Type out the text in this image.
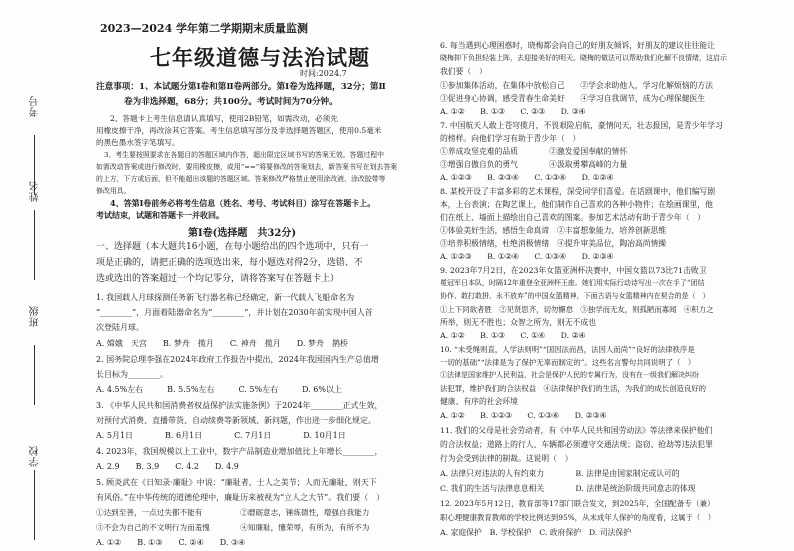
考号
姓名
班级
学校
2023—2024 学年第二学期期末质量监测
七年级道德与法治试题
时间:2024.7
注意事项：1、本试题分第Ⅰ卷和第Ⅱ卷两部分。第Ⅰ卷为选择题，32分；第Ⅱ
卷为非选择题，68分；共100分。考试时间为70分钟。
2、答题卡上考生信息请认真填写，使用2B铅笔，如需改动，必须先
用橡皮擦干净，再改涂其它答案。考生信息填写部分及非选择题答题区，使用0.5毫米
的黑色墨水签字笔填写。
3、考生要按照要求在各题目的答题区域内作答，超出限定区域书写的答案无效。答题过程中
如需改动答案或进行修改时，要用橡皮擦，或用“==”将要修改的答案划去，新答案书写在划去答案
的上方，下方或后面，但不能超出该题的答题区域。答案修改严格禁止使用涂改液、涂改胶带等
修改用具。
4、答第Ⅰ卷前务必将考生信息（姓名、考号、考试科目）涂写在答题卡上。
考试结束，试题和答题卡一并收回。
第Ⅰ卷(选择题　共32分)
一、选择题（本大题共16小题，在每小题给出的四个选项中，只有一
项是正确的，请把正确的选项选出来，每小题选对得2分，选错、不
选或选出的答案超过一个均记零分，请将答案写在答题卡上）
1. 我国载人月球探测任务新飞行器名称已经确定，新一代载人飞船命名为
“________”，月面着陆器命名为“________”，并计划在2030年前实现中国人首
次登陆月球。
A. 嫦娥　天宫　　B. 梦舟　揽月　　C. 神舟　揽月　　D. 梦舟　鹊桥
2. 国务院总理李强在2024年政府工作报告中提出，2024年我国国内生产总值增
长目标为________。
A. 4.5%左右　　　B. 5.5%左右　　　C. 5%左右　　　D. 6%以上
3. 《中华人民共和国消费者权益保护法实施条例》于2024年________正式生效，
对预付式消费、直播带货、自动续费等新领域、新问题，作出进一步细化规定。
A. 5月1日　　　　B. 6月1日　　　　C. 7月1日　　　　D. 10月1日
4. 2023年，我国规模以上工业中，数字产品制造业增加值比上年增长________，
A. 2.9　　B. 3.9　　C. 4.2　　D. 4.9
5. 顾炎武在《日知录·廉耻》中说：“廉耻者，士人之美节；人而无廉耻，则天下
有风俗。”在中华传统的道德伦理中，廉耻历来被视为“立人之大节”。我们要（　）
①达到至善，一点过失都不能有　　　　　②磨砺意志，锤炼德性，增强自我能力
③不会为自己的不文明行为而羞愧　　　　④知廉耻，懂荣辱，有所为，有所不为
A. ①②　　B. ①③　　C. ②④　　D. ③④
6. 每当遇到心理困惑时，晓梅都会向自己的好朋友倾诉，好朋友的建议往往能让
晓梅抑下负担轻装上阵，去迎接美好的明天。晓梅的做法可以帮助我们化解不良情绪，这启示
我们要（　）
①参加集体活动，在集体中放松自己　　②学会求助他人，学习化解烦恼的方法
③促进身心协调，感受青春生命美好　　④学习自我调节，成为心理保健医生
A. ①②　　B. ①③　　C. ②③　　D. ③④
7. 中国航天人敢上苍穹揽月，不畏艰险启航，豪情问天，壮志报国，是青少年学习
的榜样。向他们学习有助于青少年（　）
①养成攻坚克难的品质　　　　②激发爱国奉献的情怀
③增强自傲自负的勇气　　　　④汲取勇攀高峰的力量
A. ①②③　　B. ②③④　　C. ①③④　　D. ①②④
8. 某校开设了丰富多彩的艺术课程，深受同学们喜爱。在话剧课中，他们编写剧
本，上台表演；在陶艺课上，他们制作自己喜欢的各种小物件；在绘画课里，他
们在纸上、墙面上描绘出自己喜欢的图案。参加艺术活动有助于青少年（　）
①体验美好生活，感悟生命真谛　②丰富想象能力，培养创新思维
③培养积极情绪，杜绝消极情绪　④提升审美品位，陶冶高尚情操
A. ①②③　　B. ①②④　　C. ①③④　　D. ②③④
9. 2023年7月2日，在2023年女篮亚洲杯决赛中，中国女篮以73比71击败卫
冕冠军日本队，时隔12年重登全亚洲杯王座。她们用实际行动诗写出一次在手了“团结
协作、敢打敢拼、永不放弃”的中国女篮精神，下面古语与女篮精神内在契合的是（　）
①上下同欲者胜　②见贤思齐，切勿懈怠　③独学而无友，则孤陋而寡闻　④积力之
所举，则无不胜也；众智之所为，则无不成也
A. ①②　　B. ①③　　C. ①④　　D. ②④
10. “未受绳则直，人学法则明”“国因法而昌，法因人而尚”“良好的法律秩序是
一切的基础”“法律是为了保护无辜而制定的”。这些名言警句共同说明了（　）
①法律是国家维护人民利益，社会是保护人民的专属行为，没有在一级我们解决纠纷
法犯罪，维护我们的合法权益　④法律保护我们的生活，为我们的成长创造良好的
健康、有序的社会环境
A. ①②　　B. ①②③　　C. ①③④　　D. ②③④
11. 我们的父母是社会劳动者，有《中华人民共和国劳动法》等法律来保护他们
的合法权益；道路上的行人、车辆都必须遵守交通法规；盗窃、抢劫等违法犯罪
行为会受到法律的制裁。这说明（　）
A. 法律只对违法的人有约束力　　　　B. 法律是由国家制定或认可的
C. 我们的生活与法律息息相关　　　　D. 法律是统治阶级共同意志的体现
12. 2023年5月12日，教育部等17部门联合发文，到2025年，全国配备专（兼）
职心理健康教育教师的学校比例达到95%，从未成年人保护的角度看，这属于（　）
A. 家庭保护　B. 学校保护　C. 政府保护　D. 司法保护
